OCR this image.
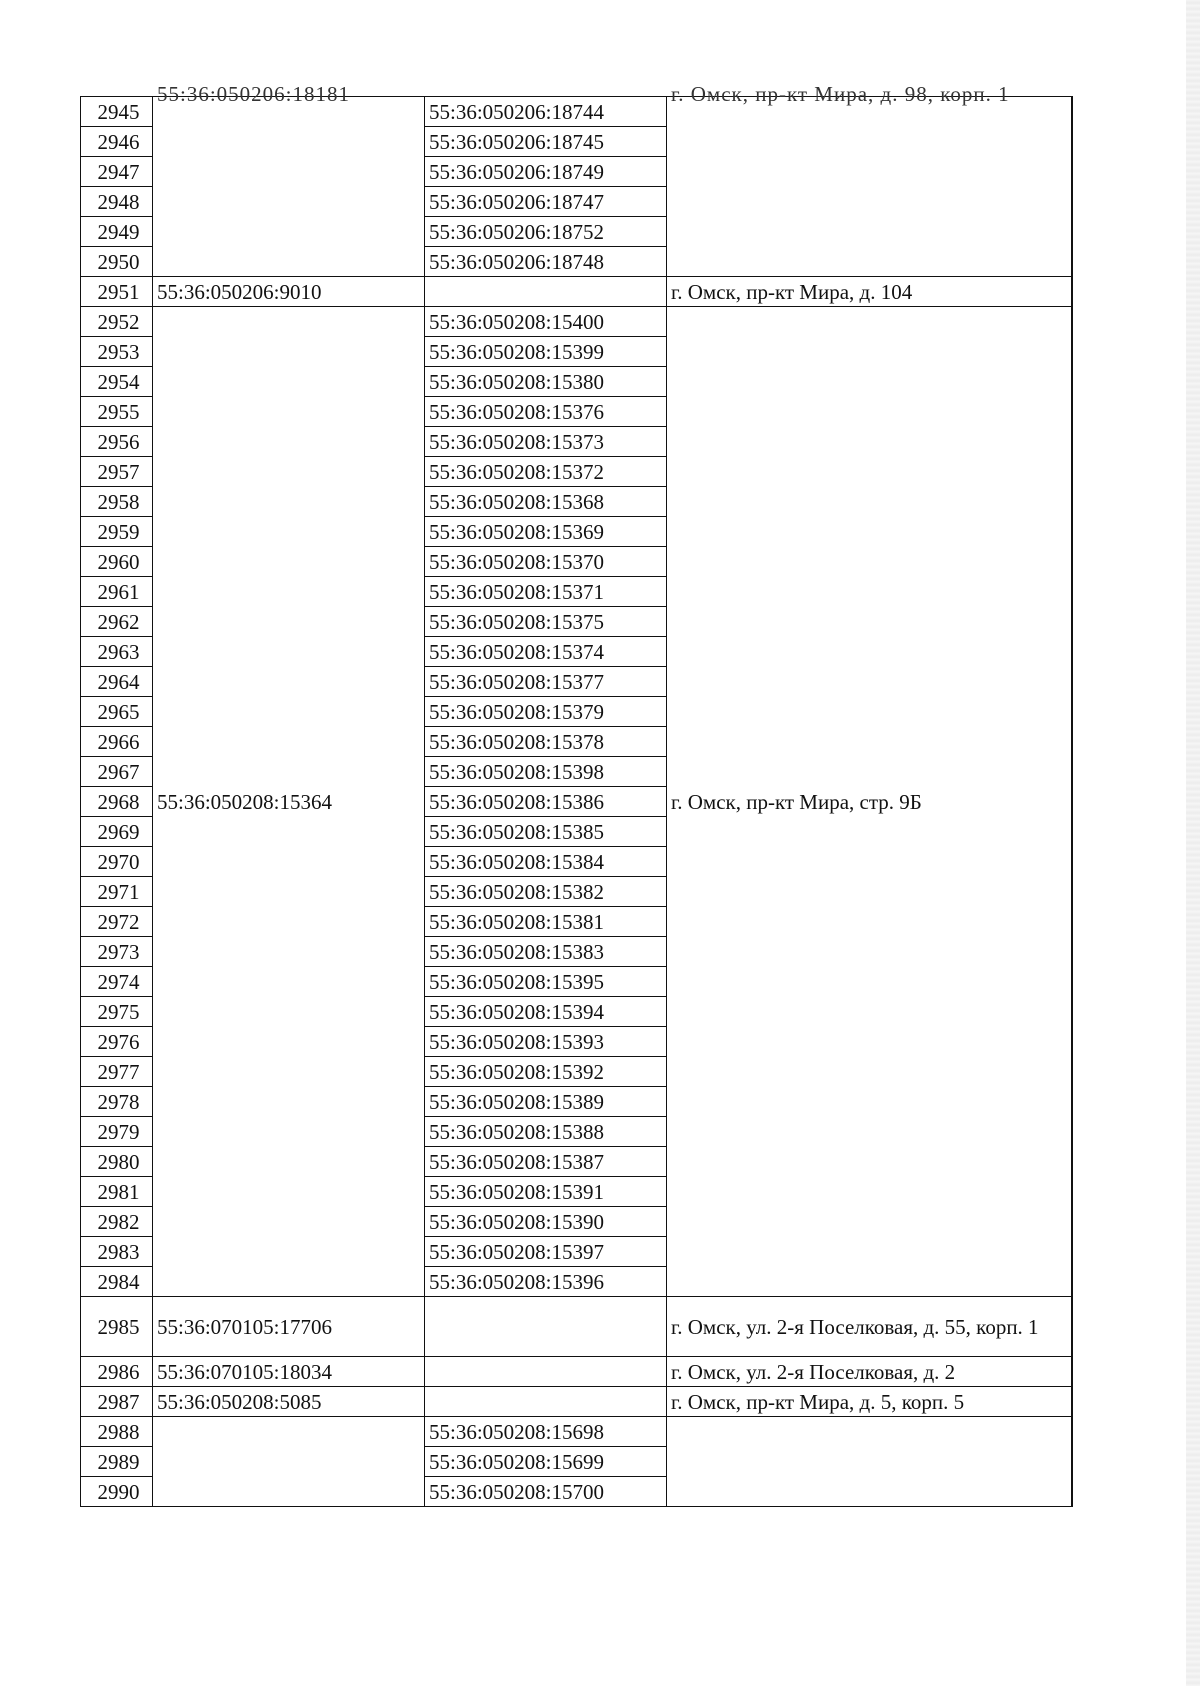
2945	55:36:050206:18181	55:36:050206:18744	г. Омск, пр-кт Мира, д. 98, корп. 1

2946		55:36:050206:18745	
2947		55:36:050206:18749	
2948		55:36:050206:18747	
2949		55:36:050206:18752	
2950		55:36:050206:18748	
2951	55:36:050206:9010		г. Омск, пр-кт Мира, д. 104
2952		55:36:050208:15400	
2953		55:36:050208:15399	
2954		55:36:050208:15380	
2955		55:36:050208:15376	
2956		55:36:050208:15373	
2957		55:36:050208:15372	
2958		55:36:050208:15368	
2959		55:36:050208:15369	
2960		55:36:050208:15370	
2961		55:36:050208:15371	
2962		55:36:050208:15375	
2963		55:36:050208:15374	
2964		55:36:050208:15377	
2965		55:36:050208:15379	
2966		55:36:050208:15378	
2967		55:36:050208:15398	
2968	55:36:050208:15364	55:36:050208:15386	г. Омск, пр-кт Мира, стр. 9Б
2969		55:36:050208:15385	
2970		55:36:050208:15384	
2971		55:36:050208:15382	
2972		55:36:050208:15381	
2973		55:36:050208:15383	
2974		55:36:050208:15395	
2975		55:36:050208:15394	
2976		55:36:050208:15393	
2977		55:36:050208:15392	
2978		55:36:050208:15389	
2979		55:36:050208:15388	
2980		55:36:050208:15387	
2981		55:36:050208:15391	
2982		55:36:050208:15390	
2983		55:36:050208:15397	
2984		55:36:050208:15396	
2985	55:36:070105:17706		г. Омск, ул. 2-я Поселковая, д. 55, корп. 1
2986	55:36:070105:18034		г. Омск, ул. 2-я Поселковая, д. 2
2987	55:36:050208:5085		г. Омск, пр-кт Мира, д. 5, корп. 5
2988		55:36:050208:15698	
2989		55:36:050208:15699	
2990		55:36:050208:15700	
